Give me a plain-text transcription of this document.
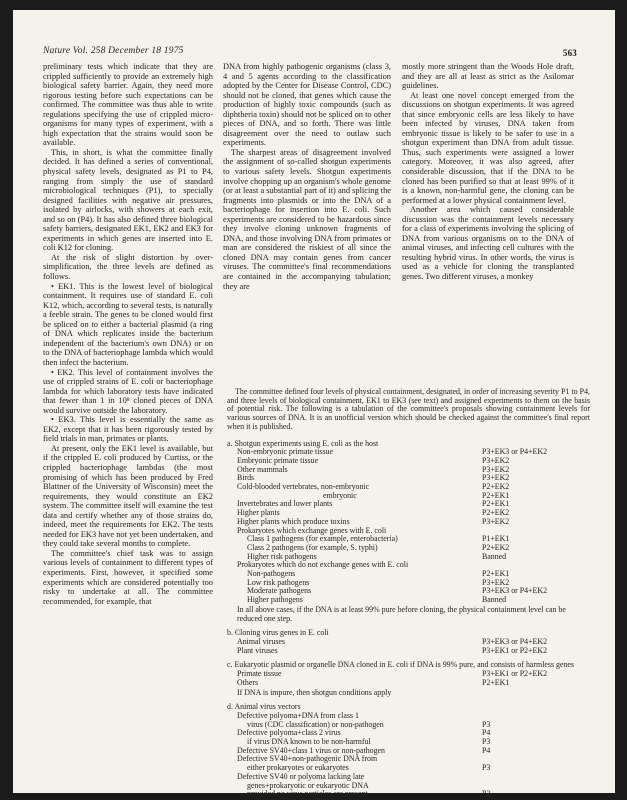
Nature Vol. 258 December 18 1975	563

preliminary tests which indicate that they are crippled sufficiently to provide an extremely high biological safety barrier. Again, they need more rigorous testing before such expectations can be confirmed. The committee was thus able to write regulations specifying the use of crippled micro-organisms for many types of experiment, with a high expectation that the strains would soon be available.

This, in short, is what the committee finally decided. It has defined a series of conventional, physical safety levels, designated as P1 to P4, ranging from simply the use of standard microbiological techniques (P1), to specially designed facilities with negative air pressures, isolated by airlocks, with showers at each exit, and so on (P4). It has also defined three biological safety barriers, designated EK1, EK2 and EK3 for experiments in which genes are inserted into E. coli K12 for cloning.

At the risk of slight distortion by over-simplification, the three levels are defined as follows.

• EK1. This is the lowest level of biological containment. It requires use of standard E. coli K12, which, according to several tests, is naturally a feeble strain. The genes to be cloned would first be spliced on to either a bacterial plasmid (a ring of DNA which replicates inside the bacterium independent of the bacterium's own DNA) or on to the DNA of bacteriophage lambda which would then infect the bacterium.

• EK2. This level of containment involves the use of crippled strains of E. coli or bacteriophage lambda for which laboratory tests have indicated that fewer than 1 in 10⁸ cloned pieces of DNA would survive outside the laboratory.

• EK3. This level is essentially the same as EK2, except that it has been rigorously tested by field trials in man, primates or plants.

At present, only the EK1 level is available, but if the crippled E. coli produced by Curtiss, or the crippled bacteriophage lambdas (the most promising of which has been produced by Fred Blattner of the University of Wisconsin) meet the requirements, they would constitute an EK2 system. The committee itself will examine the test data and certify whether any of those strains do, indeed, meet the requirements for EK2. The tests needed for EK3 have not yet been undertaken, and they could take several months to complete.

The committee's chief task was to assign various levels of containment to different types of experiments. First, however, it specified some experiments which are considered potentially too risky to undertake at all. The committee recommended, for example, that

DNA from highly pathogenic organisms (class 3, 4 and 5 agents according to the classification adopted by the Center for Disease Control, CDC) should not be cloned, that genes which cause the production of highly toxic compounds (such as diphtheria toxin) should not be spliced on to other pieces of DNA, and so forth. There was little disagreement over the need to outlaw such experiments.

The sharpest areas of disagreement involved the assignment of so-called shotgun experiments to various safety levels. Shotgun experiments involve chopping up an organism's whole genome (or at least a substantial part of it) and splicing the fragments into plasmids or into the DNA of a bacteriophage for insertion into E. coli. Such experiments are considered to be hazardous since they involve cloning unknown fragments of DNA, and those involving DNA from primates or man are considered the riskiest of all since the cloned DNA may contain genes from cancer viruses. The committee's final recommendations are contained in the accompanying tabulation; they are

mostly more stringent than the Woods Hole draft, and they are all at least as strict as the Asilomar guidelines.

At least one novel concept emerged from the discussions on shotgun experiments. It was agreed that since embryonic cells are less likely to have been infected by viruses, DNA taken from embryonic tissue is likely to be safer to use in a shotgun experiment than DNA from adult tissue. Thus, such experiments were assigned a lower category. Moreover, it was also agreed, after considerable discussion, that if the DNA to be cloned has been purified so that at least 99% of it is a known, non-harmful gene, the cloning can be performed at a lower physical containment level.

Another area which caused considerable discussion was the containment levels necessary for a class of experiments involving the splicing of DNA from various organisms on to the DNA of animal viruses, and infecting cell cultures with the resulting hybrid virus. In other words, the virus is used as a vehicle for cloning the transplanted genes. Two different viruses, a monkey

The committee defined four levels of physical containment, designated, in order of increasing severity P1 to P4, and three levels of biological containment, EK1 to EK3 (see text) and assigned experiments to them on the basis of potential risk. The following is a tabulation of the committee's proposals showing containment levels for various sources of DNA. It is an unofficial version which should be checked against the committee's final report when it is published.

a. Shotgun experiments using E. coli as the host
Non-embryonic primate tissue	P3+EK3 or P4+EK2
Embryonic primate tissue	P3+EK2
Other mammals	P3+EK2
Birds	P3+EK2
Cold-blooded vertebrates, non-embryonic	P2+EK2
embryonic	P2+EK1
Invertebrates and lower plants	P2+EK1
Higher plants	P2+EK2
Higher plants which produce toxins	P3+EK2
Prokaryotes which exchange genes with E. coli
Class 1 pathogens (for example, enterobacteria)	P1+EK1
Class 2 pathogens (for example, S. typhi)	P2+EK2
Higher risk pathogens	Banned
Prokaryotes which do not exchange genes with E. coli
Non-pathogens	P2+EK1
Low risk pathogens	P3+EK2
Moderate pathogens	P3+EK3 or P4+EK2
Higher pathogens	Banned
In all above cases, if the DNA is at least 99% pure before cloning, the physical containment level can be reduced one step.
b. Cloning virus genes in E. coli
Animal viruses	P3+EK3 or P4+EK2
Plant viruses	P3+EK1 or P2+EK2
c. Eukaryotic plasmid or organelle DNA cloned in E. coli if DNA is 99% pure, and consists of harmless genes
Primate tissue	P3+EK1 or P2+EK2
Others	P2+EK1
If DNA is impure, then shotgun conditions apply
d. Animal virus vectors
Defective polyoma+DNA from class 1
virus (CDC classification) or non-pathogen	P3
Defective polyoma+class 2 virus	P4
if virus DNA known to be non-harmful	P3
Defective SV40+class 1 virus or non-pathogen	P4
Defective SV40+non-pathogenic DNA from
either prokaryotes or eukaryotes	P3
Defective SV40 or polyoma lacking late
genes+prokaryotic or eukaryotic DNA
provided no virus particles are present	P3
